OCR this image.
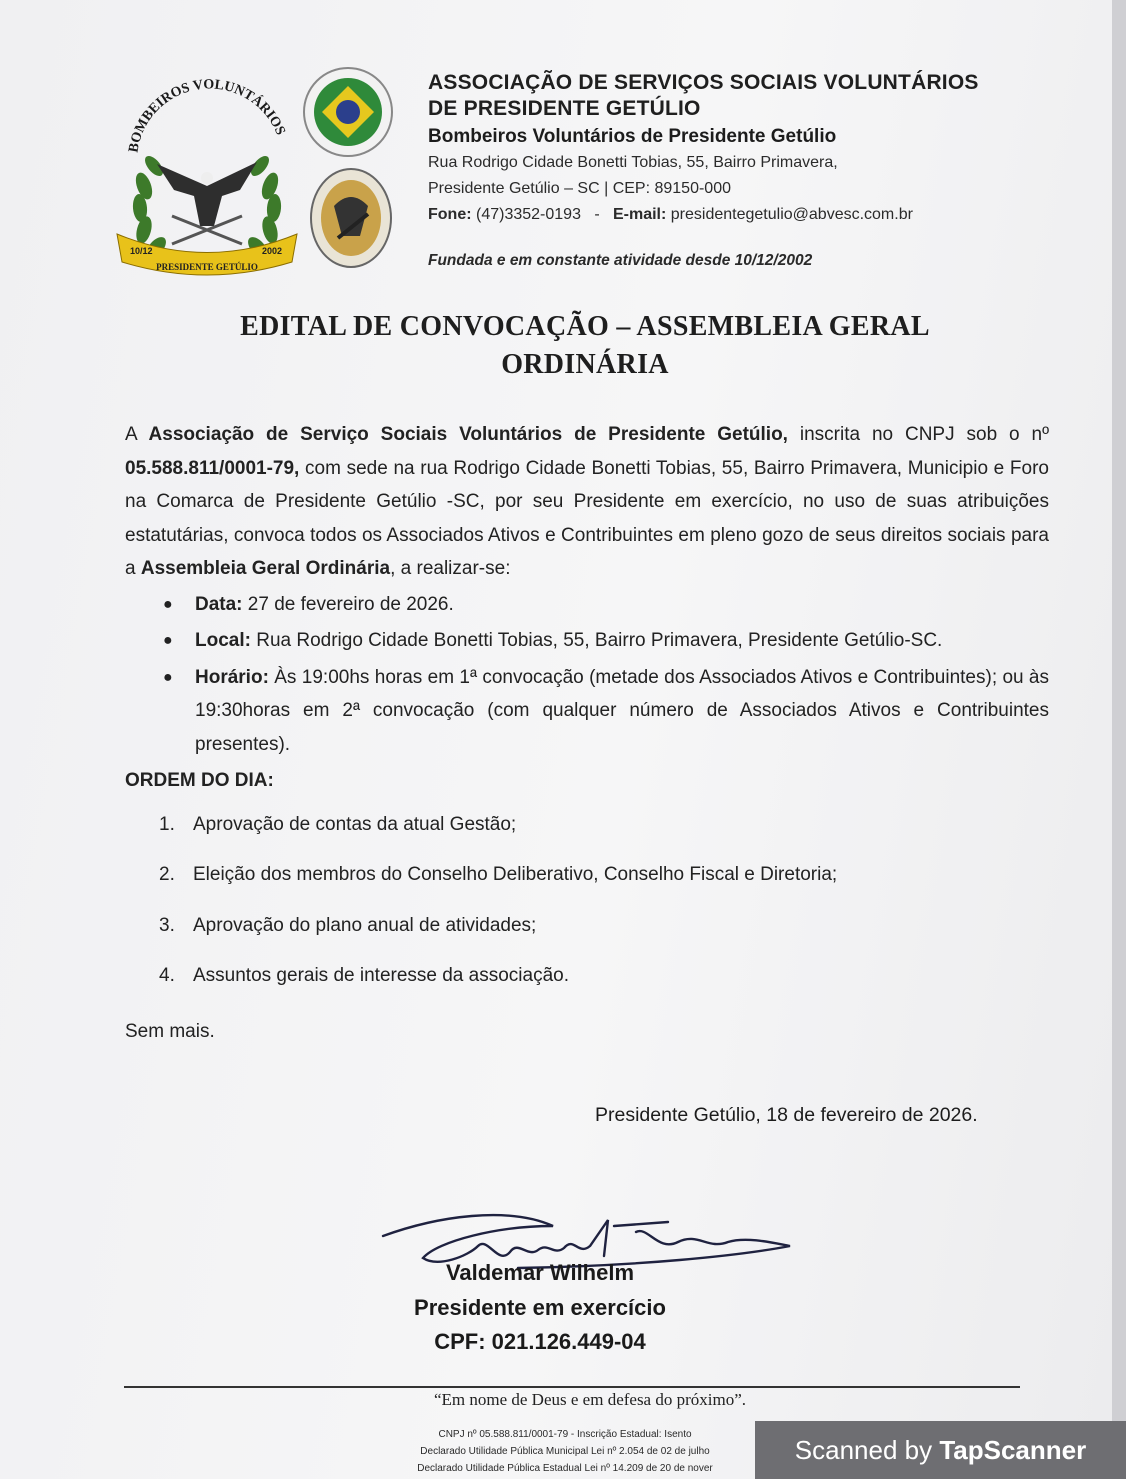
BOMBEIROS VOLUNTÁRIOS
10/12	2002
PRESIDENTE GETÚLIO
ASSOCIAÇÃO DE SERVIÇOS SOCIAIS VOLUNTÁRIOS
DE PRESIDENTE GETÚLIO
Bombeiros Voluntários de Presidente Getúlio
Rua Rodrigo Cidade Bonetti Tobias, 55, Bairro Primavera,
Presidente Getúlio – SC | CEP: 89150-000
Fone: (47)3352-0193 - E-mail: presidentegetulio@abvesc.com.br
Fundada e em constante atividade desde 10/12/2002
EDITAL DE CONVOCAÇÃO – ASSEMBLEIA GERAL
ORDINÁRIA

A Associação de Serviço Sociais Voluntários de Presidente Getúlio, inscrita no CNPJ sob o nº 05.588.811/0001-79, com sede na rua Rodrigo Cidade Bonetti Tobias, 55, Bairro Primavera, Municipio e Foro na Comarca de Presidente Getúlio -SC, por seu Presidente em exercício, no uso de suas atribuições estatutárias, convoca todos os Associados Ativos e Contribuintes em pleno gozo de seus direitos sociais para a Assembleia Geral Ordinária, a realizar-se:

● Data: 27 de fevereiro de 2026.
● Local: Rua Rodrigo Cidade Bonetti Tobias, 55, Bairro Primavera, Presidente Getúlio-SC.
● Horário: Às 19:00hs horas em 1ª convocação (metade dos Associados Ativos e Contribuintes); ou às 19:30horas em 2ª convocação (com qualquer número de Associados Ativos e Contribuintes presentes).
ORDEM DO DIA:
1. Aprovação de contas da atual Gestão;
2. Eleição dos membros do Conselho Deliberativo, Conselho Fiscal e Diretoria;
3. Aprovação do plano anual de atividades;
4. Assuntos gerais de interesse da associação.
Sem mais.
Presidente Getúlio, 18 de fevereiro de 2026.
Valdemar Wilhelm
Presidente em exercício
CPF: 021.126.449-04
“Em nome de Deus e em defesa do próximo”.
CNPJ nº 05.588.811/0001-79 - Inscrição Estadual: Isento
Declarado Utilidade Pública Municipal Lei nº 2.054 de 02 de julho
Declarado Utilidade Pública Estadual Lei nº 14.209 de 20 de nover
Scanned by TapScanner
